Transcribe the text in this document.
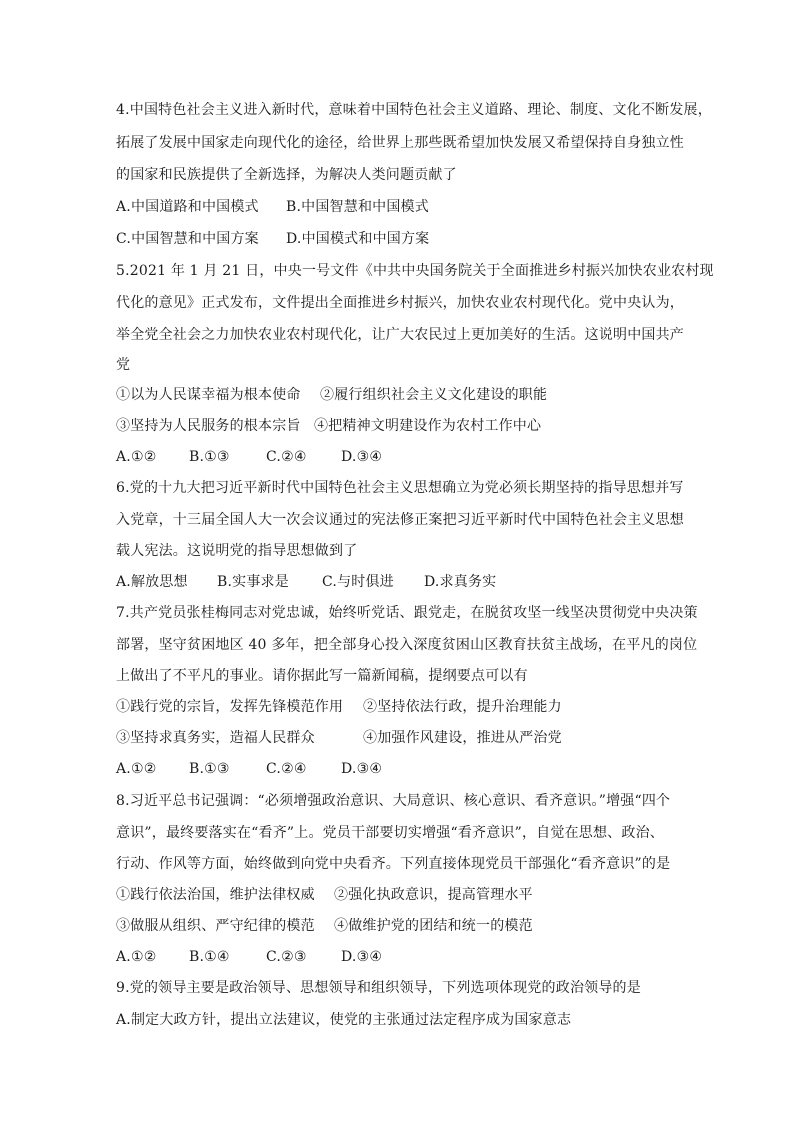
4.中国特色社会主义进入新时代，意味着中国特色社会主义道路、理论、制度、文化不断发展，
拓展了发展中国家走向现代化的途径，给世界上那些既希望加快发展又希望保持自身独立性
的国家和民族提供了全新选择，为解决人类问题贡献了
A.中国道路和中国模式 B.中国智慧和中国模式
C.中国智慧和中国方案 D.中国模式和中国方案
5.2021 年 1 月 21 日，中央一号文件《中共中央国务院关于全面推进乡村振兴加快农业农村现
代化的意见》正式发布，文件提出全面推进乡村振兴，加快农业农村现代化。党中央认为，
举全党全社会之力加快农业农村现代化，让广大农民过上更加美好的生活。这说明中国共产
党
①以为人民谋幸福为根本使命 ②履行组织社会主义文化建设的职能
③坚持为人民服务的根本宗旨 ④把精神文明建设作为农村工作中心
A.①② B.①③	C.②④ D.③④
6.党的十九大把习近平新时代中国特色社会主义思想确立为党必须长期坚持的指导思想并写
入党章，十三届全国人大一次会议通过的宪法修正案把习近平新时代中国特色社会主义思想
载人宪法。这说明党的指导思想做到了
A.解放思想 B.实事求是 C.与时俱进 D.求真务实
7.共产党员张桂梅同志对党忠诚，始终听党话、跟党走，在脱贫攻坚一线坚决贯彻党中央决策
部署，坚守贫困地区 40 多年，把全部身心投入深度贫困山区教育扶贫主战场，在平凡的岗位
上做出了不平凡的事业。请你据此写一篇新闻稿，提纲要点可以有
①践行党的宗旨，发挥先锋模范作用 ②坚持依法行政，提升治理能力
③坚持求真务实，造福人民群众	④加强作风建设，推进从严治党
A.①② B.①③	C.②④ D.③④
8.习近平总书记强调：“必须增强政治意识、大局意识、核心意识、看齐意识。”增强“四个
意识”，最终要落实在“看齐”上。党员干部要切实增强“看齐意识”，自觉在思想、政治、
行动、作风等方面，始终做到向党中央看齐。下列直接体现党员干部强化“看齐意识”的是
①践行依法治国，维护法律权威 ②强化执政意识，提高管理水平
③做服从组织、严守纪律的模范 ④做维护党的团结和统一的模范
A.①② B.①④	C.②③ D.③④
9.党的领导主要是政治领导、思想领导和组织领导，下列选项体现党的政治领导的是
A.制定大政方针，提出立法建议，使党的主张通过法定程序成为国家意志
